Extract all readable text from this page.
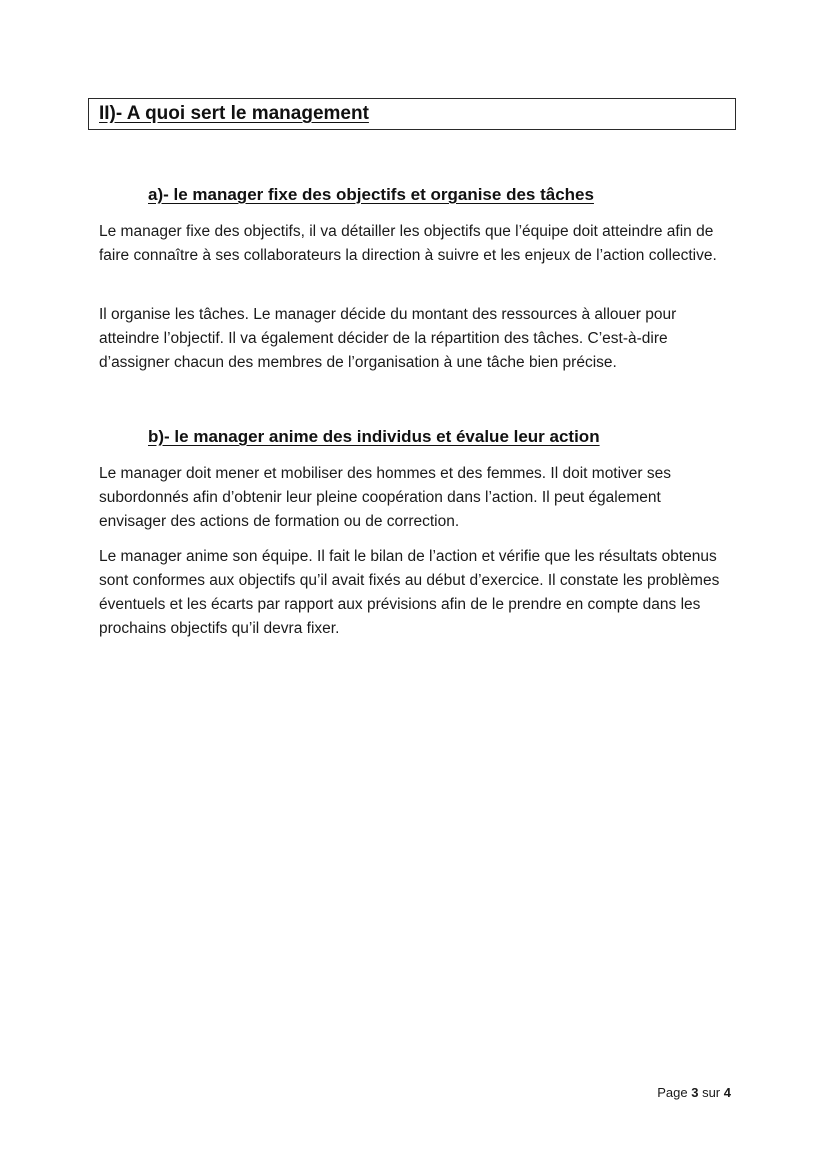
II)- A quoi sert le management
a)- le manager fixe des objectifs et organise des tâches

Le manager fixe des objectifs, il va détailler les objectifs que l’équipe doit atteindre afin de faire connaître à ses collaborateurs la direction à suivre et les enjeux de l’action collective.

Il organise les tâches. Le manager décide du montant des ressources à allouer pour atteindre l’objectif. Il va également décider de la répartition des tâches. C’est-à-dire d’assigner chacun des membres de l’organisation à une tâche bien précise.

b)- le manager anime des individus et évalue leur action

Le manager doit mener et mobiliser des hommes et des femmes. Il doit motiver ses subordonnés afin d’obtenir leur pleine coopération dans l’action. Il peut également envisager des actions de formation ou de correction.

Le manager anime son équipe. Il fait le bilan de l’action et vérifie que les résultats obtenus sont conformes aux objectifs qu’il avait fixés au début d’exercice. Il constate les problèmes éventuels et les écarts par rapport aux prévisions afin de le prendre en compte dans les prochains objectifs qu’il devra fixer.

Page 3 sur 4
